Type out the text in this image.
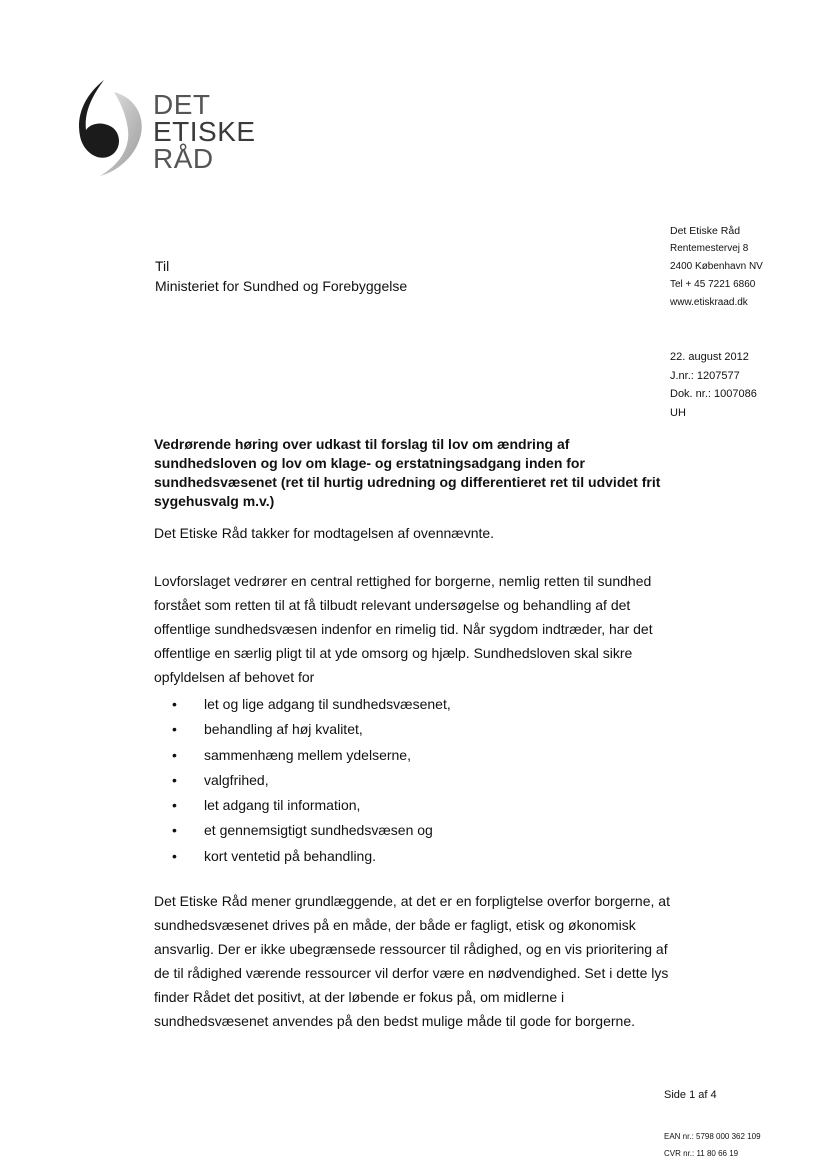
DET
ETISKE
RÅD
Det Etiske Råd
Rentemestervej 8
2400 København NV
Tel + 45 7221 6860
www.etiskraad.dk
22. august 2012
J.nr.: 1207577
Dok. nr.: 1007086
UH
Til
Ministeriet for Sundhed og Forebyggelse
Vedrørende høring over udkast til forslag til lov om ændring af sundhedsloven og lov om klage- og erstatningsadgang inden for sundhedsvæsenet (ret til hurtig udredning og differentieret ret til udvidet frit sygehusvalg m.v.)
Det Etiske Råd takker for modtagelsen af ovennævnte.
Lovforslaget vedrører en central rettighed for borgerne, nemlig retten til sundhed forstået som retten til at få tilbudt relevant undersøgelse og behandling af det offentlige sundhedsvæsen indenfor en rimelig tid. Når sygdom indtræder, har det offentlige en særlig pligt til at yde omsorg og hjælp. Sundhedsloven skal sikre opfyldelsen af behovet for
• let og lige adgang til sundhedsvæsenet,
• behandling af høj kvalitet,
• sammenhæng mellem ydelserne,
• valgfrihed,
• let adgang til information,
• et gennemsigtigt sundhedsvæsen og
• kort ventetid på behandling.
Det Etiske Råd mener grundlæggende, at det er en forpligtelse overfor borgerne, at sundhedsvæsenet drives på en måde, der både er fagligt, etisk og økonomisk ansvarlig. Der er ikke ubegrænsede ressourcer til rådighed, og en vis prioritering af de til rådighed værende ressourcer vil derfor være en nødvendighed. Set i dette lys finder Rådet det positivt, at der løbende er fokus på, om midlerne i sundhedsvæsenet anvendes på den bedst mulige måde til gode for borgerne.
Side 1 af 4
EAN nr.: 5798 000 362 109
CVR nr.: 11 80 66 19
